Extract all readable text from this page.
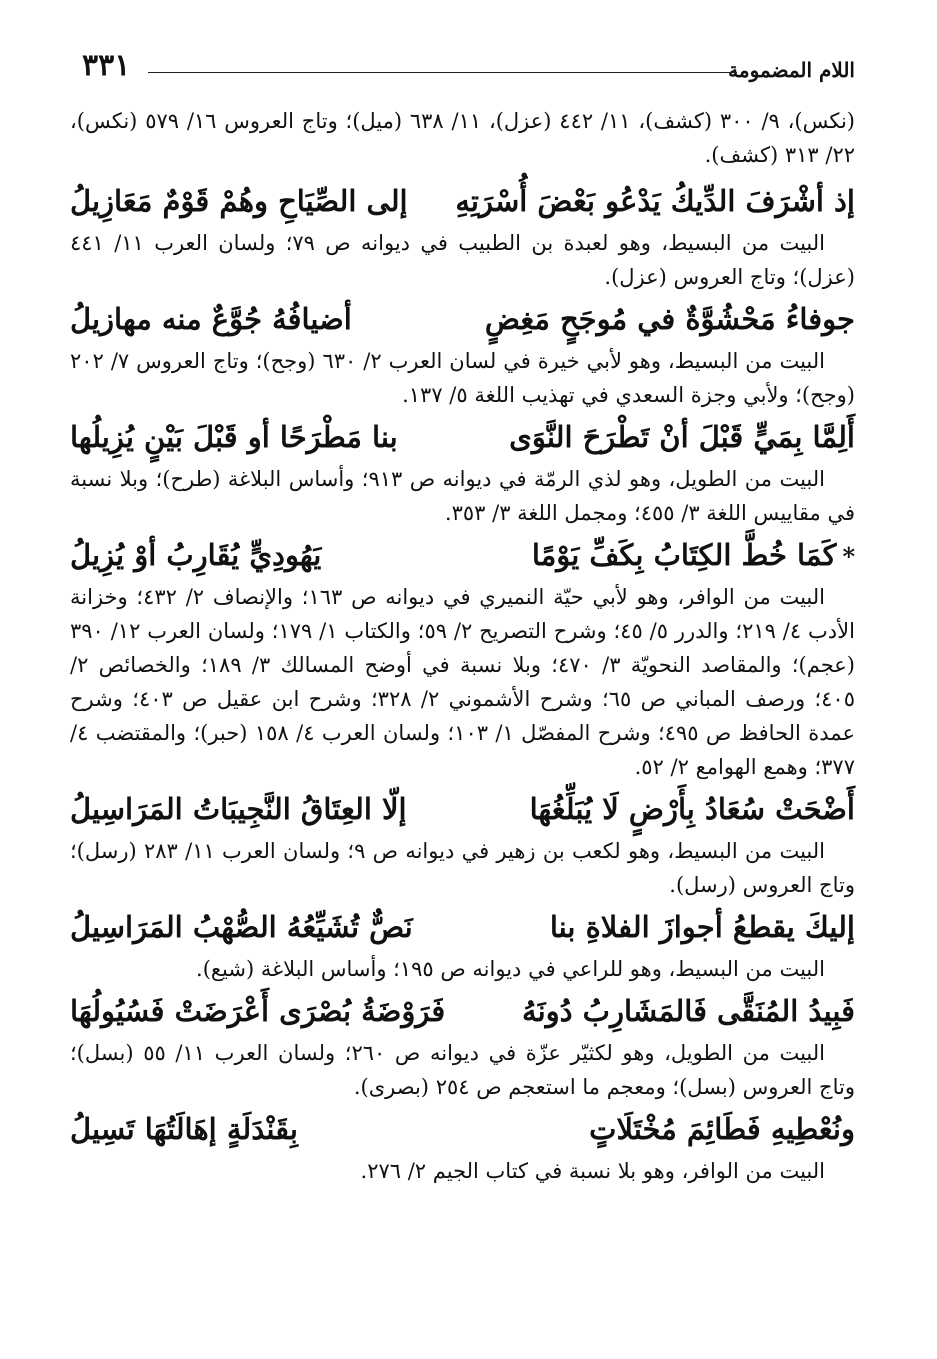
اللام المضمومة
٣٣١

(نكس)، ٩/ ٣٠٠ (كشف)، ١١/ ٤٤٢ (عزل)، ١١/ ٦٣٨ (ميل)؛ وتاج العروس ١٦/ ٥٧٩ (نكس)، ٢٢/ ٣١٣ (كشف).

إذ أشْرَفَ الدِّيكُ يَدْعُو بَعْضَ أُسْرَتِهِ
إلى الصِّيَاحِ وهُمْ قَوْمٌ مَعَازِيلُ

البيت من البسيط، وهو لعبدة بن الطبيب في ديوانه ص ٧٩؛ ولسان العرب ١١/ ٤٤١ (عزل)؛ وتاج العروس (عزل).

جوفاءُ مَحْشُوَّةٌ في مُوجَحٍ مَغِضٍ
أضيافُهُ جُوَّعٌ منه مهازيلُ

البيت من البسيط، وهو لأبي خيرة في لسان العرب ٢/ ٦٣٠ (وجح)؛ وتاج العروس ٧/ ٢٠٢ (وجح)؛ ولأبي وجزة السعدي في تهذيب اللغة ٥/ ١٣٧.

أَلِمَّا بِمَيٍّ قَبْلَ أنْ تَطْرَحَ النَّوَى
بنا مَطْرَحًا أو قَبْلَ بَيْنٍ يُزِيلُها

البيت من الطويل، وهو لذي الرمّة في ديوانه ص ٩١٣؛ وأساس البلاغة (طرح)؛ وبلا نسبة في مقاييس اللغة ٣/ ٤٥٥؛ ومجمل اللغة ٣/ ٣٥٣.

*كَمَا خُطَّ الكِتَابُ بِكَفِّ يَوْمًا
يَهُودِيٍّ يُقَارِبُ أوْ يُزِيلُ

البيت من الوافر، وهو لأبي حيّة النميري في ديوانه ص ١٦٣؛ والإنصاف ٢/ ٤٣٢؛ وخزانة الأدب ٤/ ٢١٩؛ والدرر ٥/ ٤٥؛ وشرح التصريح ٢/ ٥٩؛ والكتاب ١/ ١٧٩؛ ولسان العرب ١٢/ ٣٩٠ (عجم)؛ والمقاصد النحويّة ٣/ ٤٧٠؛ وبلا نسبة في أوضح المسالك ٣/ ١٨٩؛ والخصائص ٢/ ٤٠٥؛ ورصف المباني ص ٦٥؛ وشرح الأشموني ٢/ ٣٢٨؛ وشرح ابن عقيل ص ٤٠٣؛ وشرح عمدة الحافظ ص ٤٩٥؛ وشرح المفصّل ١/ ١٠٣؛ ولسان العرب ٤/ ١٥٨ (حبر)؛ والمقتضب ٤/ ٣٧٧؛ وهمع الهوامع ٢/ ٥٢.

أَضْحَتْ سُعَادُ بِأَرْضٍ لَا يُبَلِّغُهَا
إلّا العِتَاقُ النَّجِيبَاتُ المَرَاسِيلُ

البيت من البسيط، وهو لكعب بن زهير في ديوانه ص ٩؛ ولسان العرب ١١/ ٢٨٣ (رسل)؛ وتاج العروس (رسل).

إليكَ يقطعُ أجوازَ الفلاةِ بنا
نَصٌّ تُشَيِّعُهُ الصُّهْبُ المَرَاسِيلُ

البيت من البسيط، وهو للراعي في ديوانه ص ١٩٥؛ وأساس البلاغة (شيع).

فَبِيدُ المُنَقَّى فَالمَشَارِبُ دُونَهُ
فَرَوْضَةُ بُصْرَى أَعْرَضَتْ فَسُيُولُهَا

البيت من الطويل، وهو لكثيّر عزّة في ديوانه ص ٢٦٠؛ ولسان العرب ١١/ ٥٥ (بسل)؛ وتاج العروس (بسل)؛ ومعجم ما استعجم ص ٢٥٤ (بصرى).

ونُعْطِيهِ فَطَائِمَ مُخْتَلَاتٍ
بِقَنْدَلَةٍ إهَالَتُهَا تَسِيلُ

البيت من الوافر، وهو بلا نسبة في كتاب الجيم ٢/ ٢٧٦.
